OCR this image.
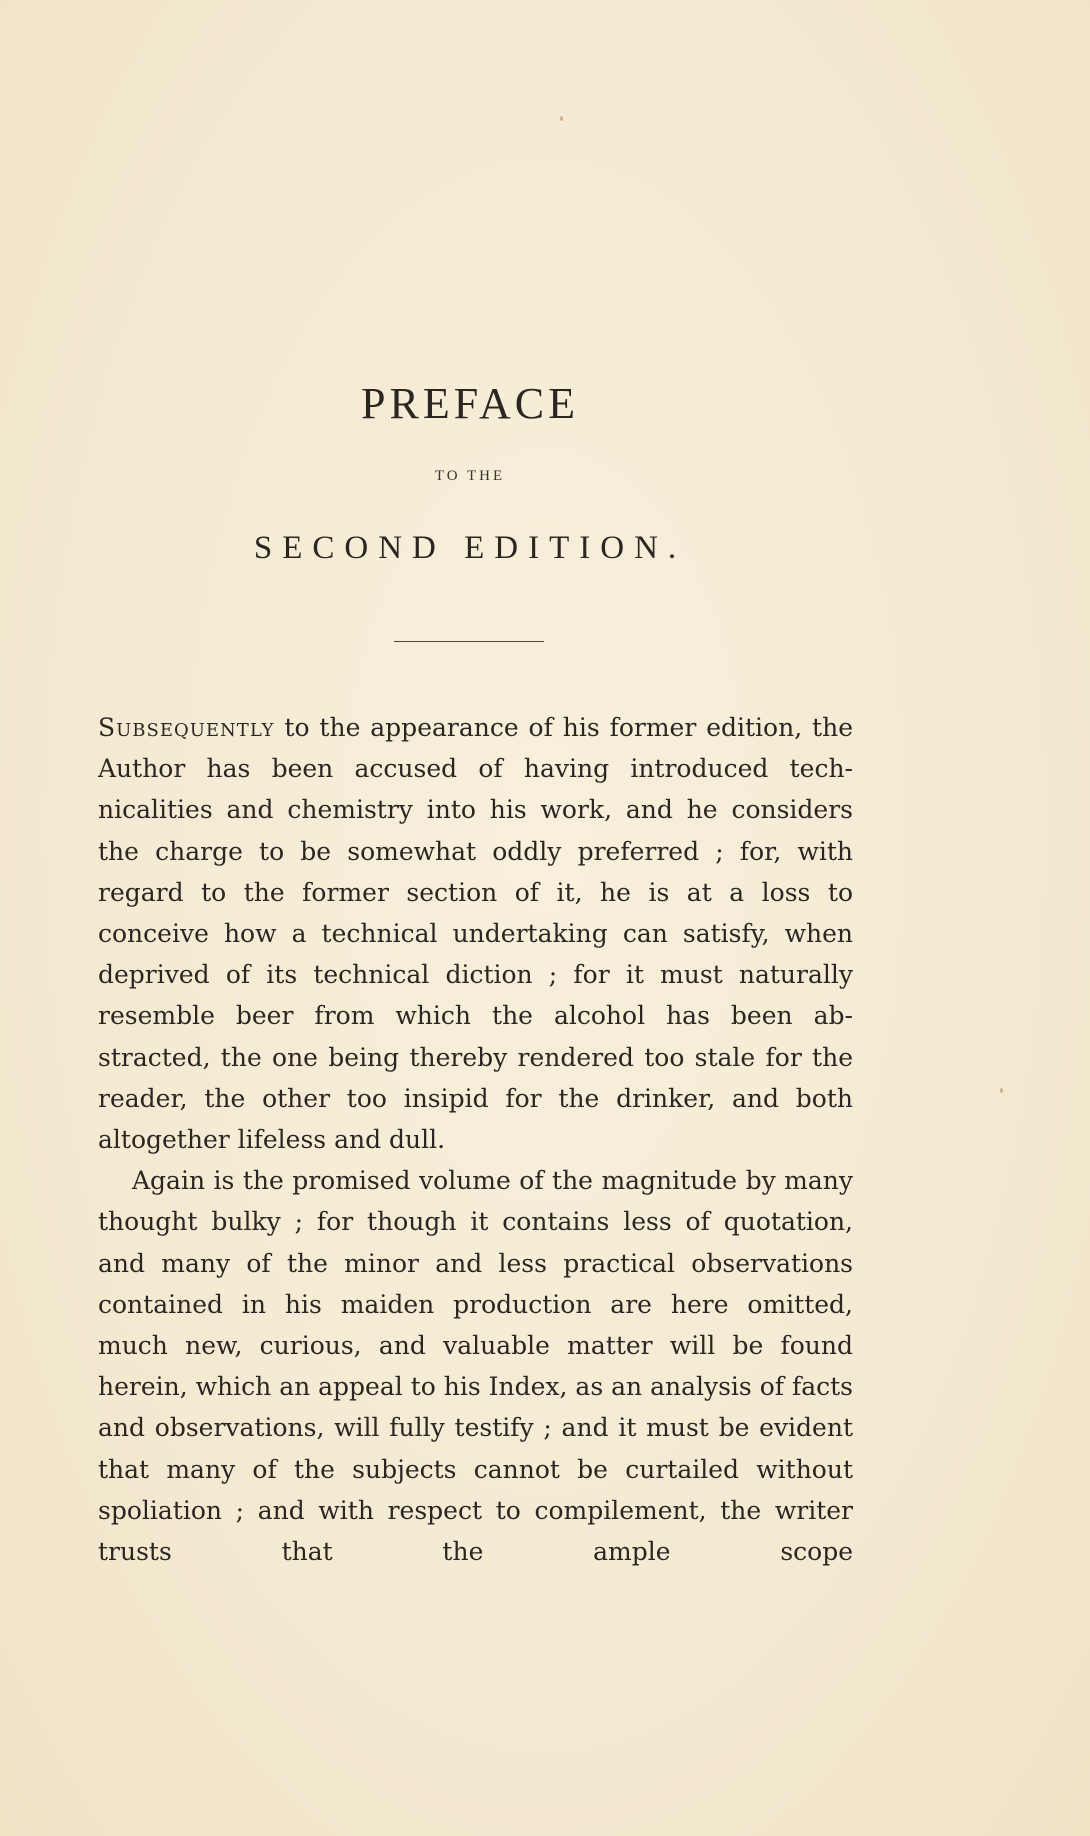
PREFACE
TO THE
SECOND EDITION.

Subsequently to the appearance of his former edition, the Author has been accused of having introduced tech- nicalities and chemistry into his work, and he considers the charge to be somewhat oddly preferred ; for, with regard to the former section of it, he is at a loss to conceive how a technical undertaking can satisfy, when deprived of its technical diction ; for it must naturally resemble beer from which the alcohol has been ab- stracted, the one being thereby rendered too stale for the reader, the other too insipid for the drinker, and both altogether lifeless and dull.

Again is the promised volume of the magnitude by many thought bulky ; for though it contains less of quotation, and many of the minor and less practical observations contained in his maiden production are here omitted, much new, curious, and valuable matter will be found herein, which an appeal to his Index, as an analysis of facts and observations, will fully testify ; and it must be evident that many of the subjects cannot be curtailed without spoliation ; and with respect to compilement, the writer trusts that the ample scope
